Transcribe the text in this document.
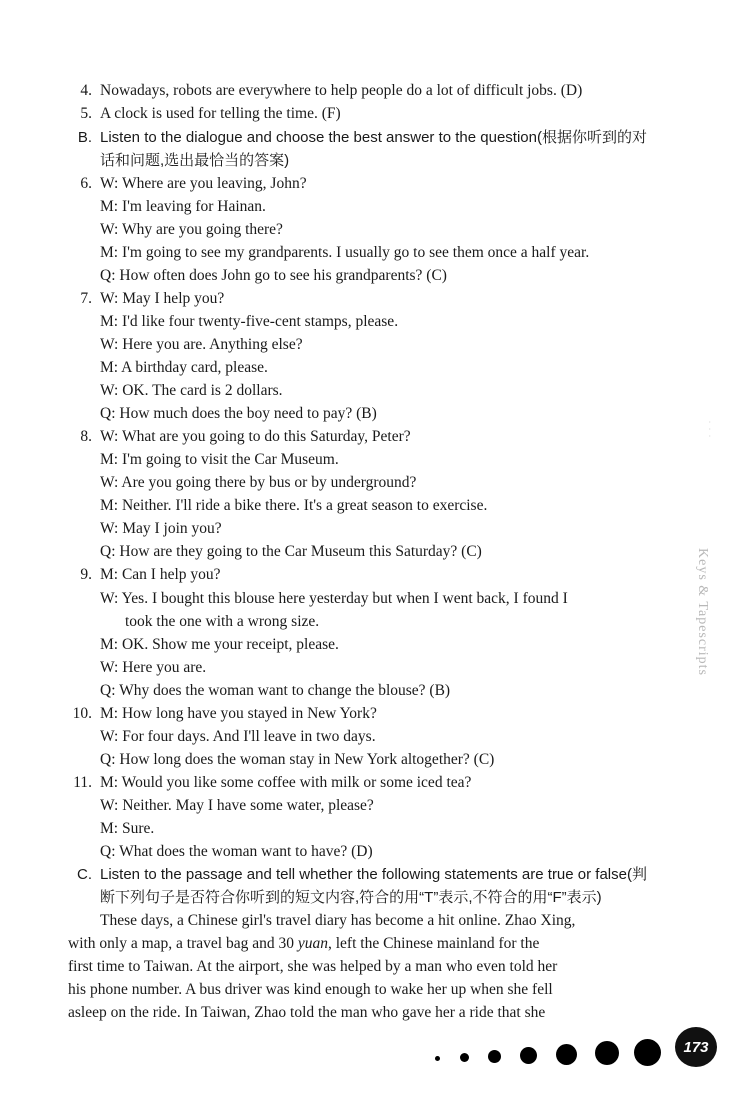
4. Nowadays, robots are everywhere to help people do a lot of difficult jobs. (D)
5. A clock is used for telling the time. (F)
B. Listen to the dialogue and choose the best answer to the question(根据你听到的对
话和问题,选出最恰当的答案)
6. W: Where are you leaving, John?
M: I'm leaving for Hainan.
W: Why are you going there?
M: I'm going to see my grandparents. I usually go to see them once a half year.
Q: How often does John go to see his grandparents? (C)
7. W: May I help you?
M: I'd like four twenty-five-cent stamps, please.
W: Here you are. Anything else?
M: A birthday card, please.
W: OK. The card is 2 dollars.
Q: How much does the boy need to pay? (B)
8. W: What are you going to do this Saturday, Peter?
M: I'm going to visit the Car Museum.
W: Are you going there by bus or by underground?
M: Neither. I'll ride a bike there. It's a great season to exercise.
W: May I join you?
Q: How are they going to the Car Museum this Saturday? (C)
9. M: Can I help you?
W: Yes. I bought this blouse here yesterday but when I went back, I found I
took the one with a wrong size.
M: OK. Show me your receipt, please.
W: Here you are.
Q: Why does the woman want to change the blouse? (B)
10. M: How long have you stayed in New York?
W: For four days. And I'll leave in two days.
Q: How long does the woman stay in New York altogether? (C)
11. M: Would you like some coffee with milk or some iced tea?
W: Neither. May I have some water, please?
M: Sure.
Q: What does the woman want to have? (D)
C. Listen to the passage and tell whether the following statements are true or false(判
断下列句子是否符合你听到的短文内容,符合的用“T”表示,不符合的用“F”表示)
These days, a Chinese girl's travel diary has become a hit online. Zhao Xing,
with only a map, a travel bag and 30 yuan, left the Chinese mainland for the
first time to Taiwan. At the airport, she was helped by a man who even told her
his phone number. A bus driver was kind enough to wake her up when she fell
asleep on the ride. In Taiwan, Zhao told the man who gave her a ride that she
· · ·
Keys & Tapescripts
173
